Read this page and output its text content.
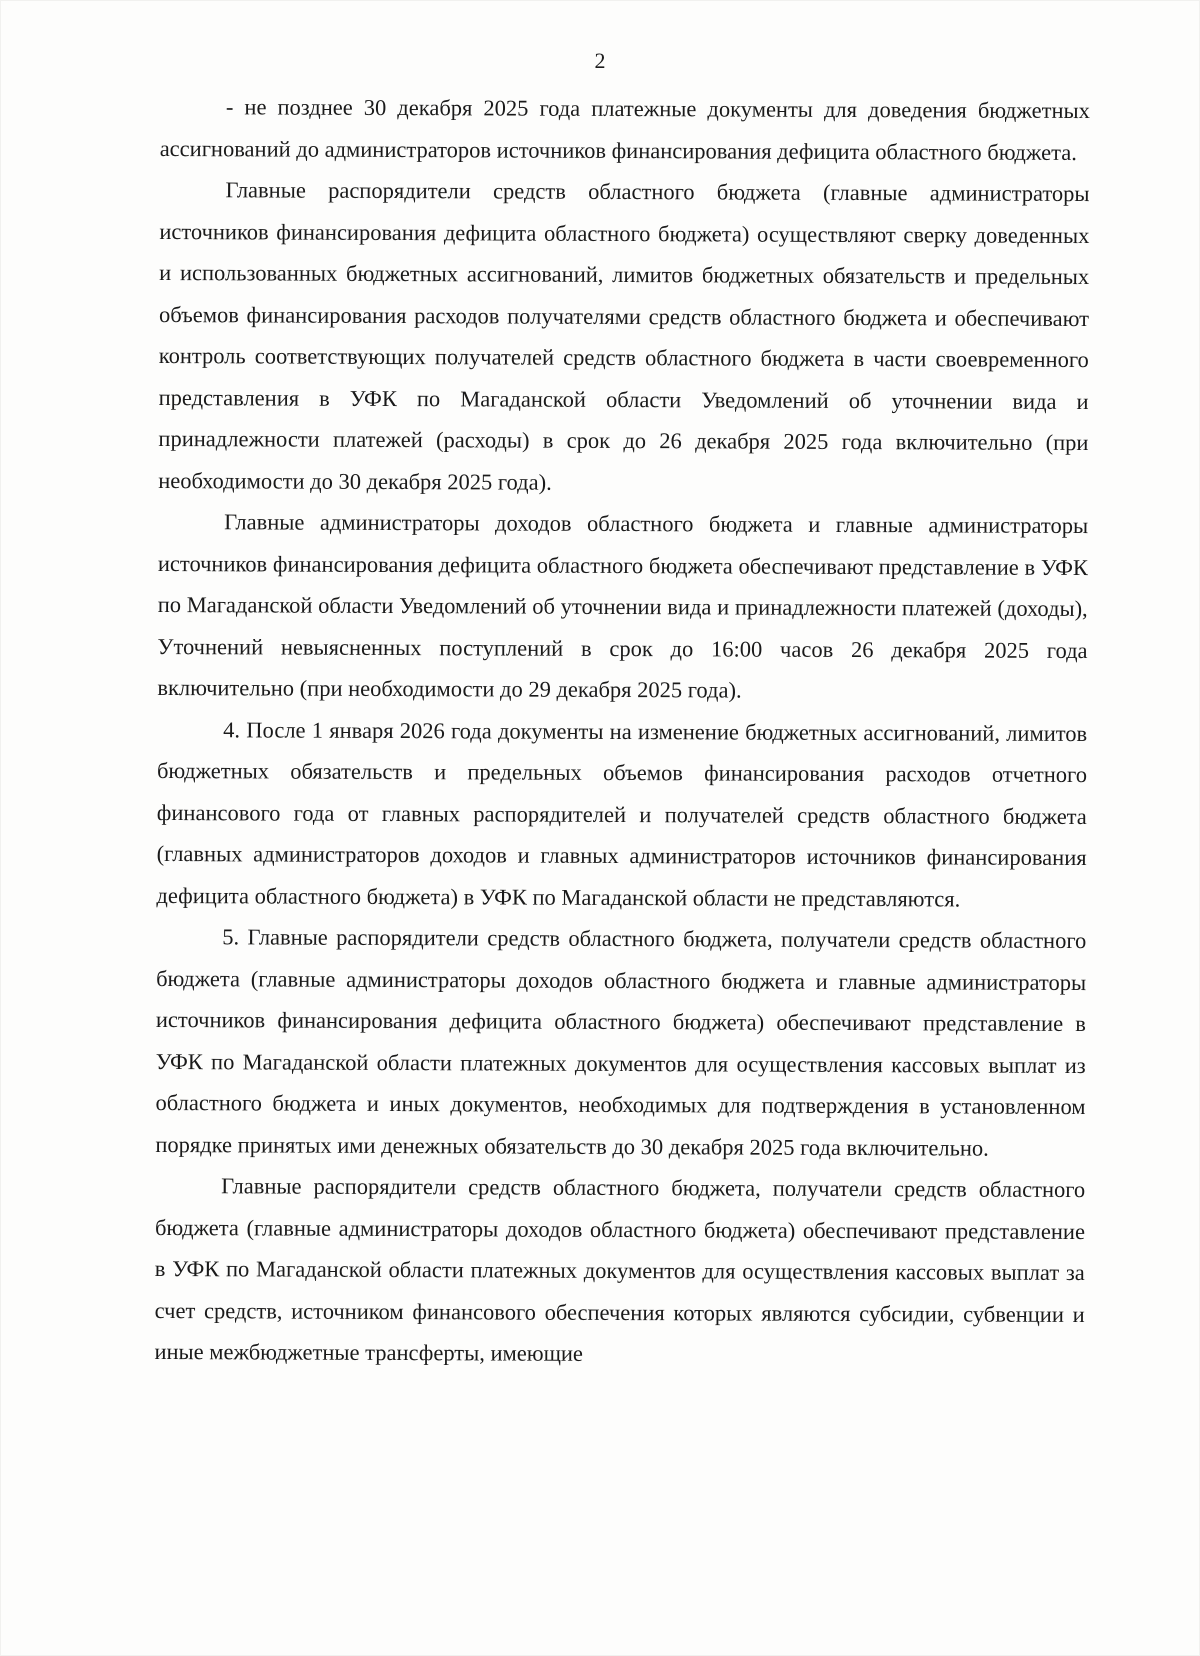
2

- не позднее 30 декабря 2025 года платежные документы для доведения бюджетных ассигнований до администраторов источников финансирования дефицита областного бюджета.

Главные распорядители средств областного бюджета (главные администраторы источников финансирования дефицита областного бюджета) осуществляют сверку доведенных и использованных бюджетных ассигнований, лимитов бюджетных обязательств и предельных объемов финансирования расходов получателями средств областного бюджета и обеспечивают контроль соответствующих получателей средств областного бюджета в части своевременного представления в УФК по Магаданской области Уведомлений об уточнении вида и принадлежности платежей (расходы) в срок до 26 декабря 2025 года включительно (при необходимости до 30 декабря 2025 года).

Главные администраторы доходов областного бюджета и главные администраторы источников финансирования дефицита областного бюджета обеспечивают представление в УФК по Магаданской области Уведомлений об уточнении вида и принадлежности платежей (доходы), Уточнений невыясненных поступлений в срок до 16:00 часов 26 декабря 2025 года включительно (при необходимости до 29 декабря 2025 года).

4. После 1 января 2026 года документы на изменение бюджетных ассигнований, лимитов бюджетных обязательств и предельных объемов финансирования расходов отчетного финансового года от главных распорядителей и получателей средств областного бюджета (главных администраторов доходов и главных администраторов источников финансирования дефицита областного бюджета) в УФК по Магаданской области не представляются.

5. Главные распорядители средств областного бюджета, получатели средств областного бюджета (главные администраторы доходов областного бюджета и главные администраторы источников финансирования дефицита областного бюджета) обеспечивают представление в УФК по Магаданской области платежных документов для осуществления кассовых выплат из областного бюджета и иных документов, необходимых для подтверждения в установленном порядке принятых ими денежных обязательств до 30 декабря 2025 года включительно.

Главные распорядители средств областного бюджета, получатели средств областного бюджета (главные администраторы доходов областного бюджета) обеспечивают представление в УФК по Магаданской области платежных документов для осуществления кассовых выплат за счет средств, источником финансового обеспечения которых являются субсидии, субвенции и иные межбюджетные трансферты, имеющие
